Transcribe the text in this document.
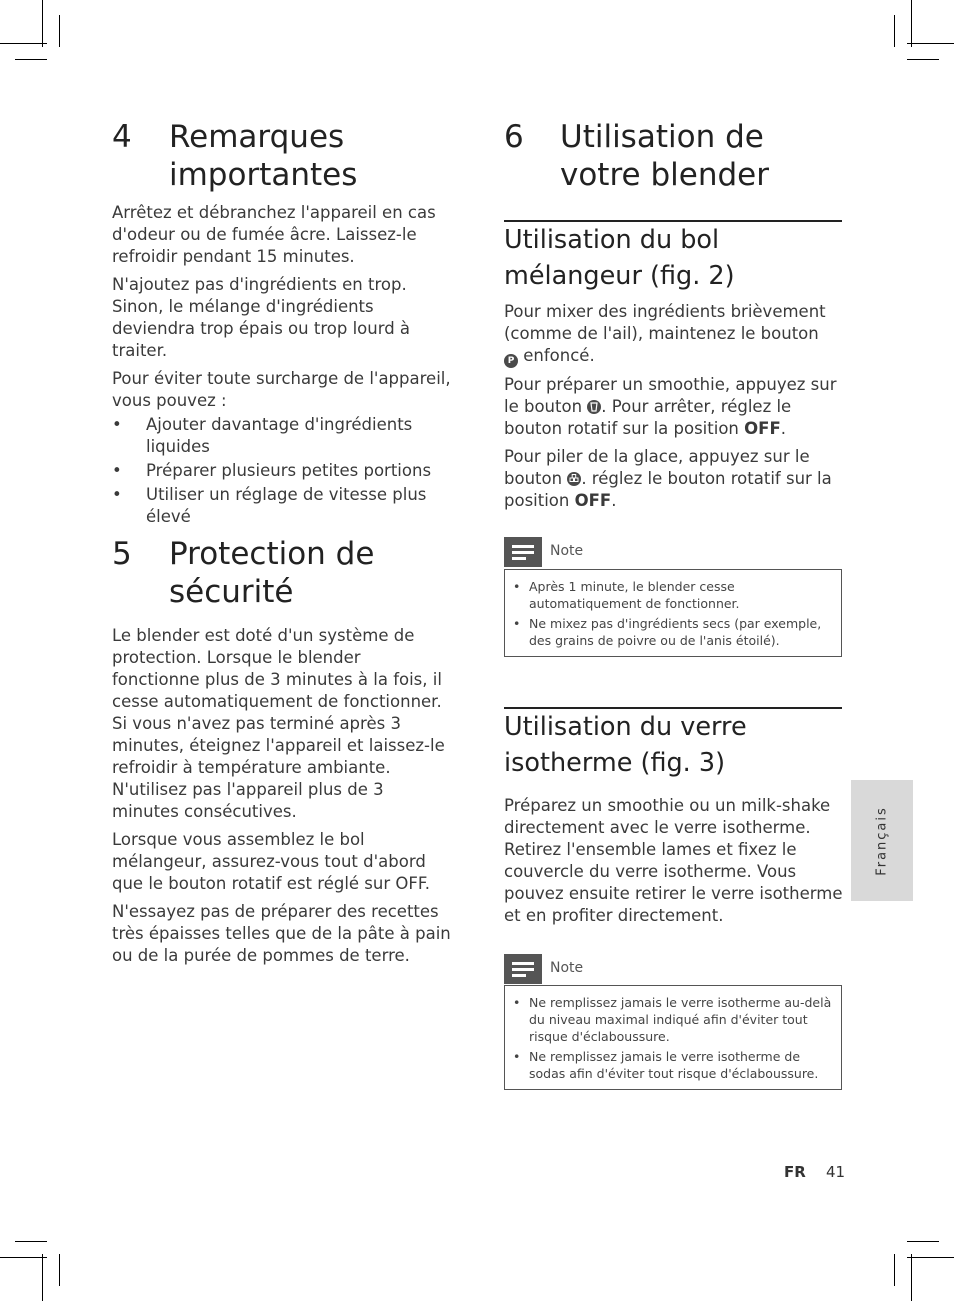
4 Remarques
importantes

Arrêtez et débranchez l'appareil en cas d'odeur ou de fumée âcre. Laissez-le refroidir pendant 15 minutes.

N'ajoutez pas d'ingrédients en trop. Sinon, le mélange d'ingrédients deviendra trop épais ou trop lourd à traiter.

Pour éviter toute surcharge de l'appareil, vous pouvez :

• Ajouter davantage d'ingrédients liquides
• Préparer plusieurs petites portions
• Utiliser un réglage de vitesse plus élevé
5 Protection de
sécurité

Le blender est doté d'un système de protection. Lorsque le blender fonctionne plus de 3 minutes à la fois, il cesse automatiquement de fonctionner. Si vous n'avez pas terminé après 3 minutes, éteignez l'appareil et laissez-le refroidir à température ambiante. N'utilisez pas l'appareil plus de 3 minutes consécutives.

Lorsque vous assemblez le bol mélangeur, assurez-vous tout d'abord que le bouton rotatif est réglé sur OFF.

N'essayez pas de préparer des recettes très épaisses telles que de la pâte à pain ou de la purée de pommes de terre.

6 Utilisation de
votre blender
Utilisation du bol
mélangeur (fig. 2)

Pour mixer des ingrédients brièvement (comme de l'ail), maintenez le bouton
P enfoncé.

Pour préparer un smoothie, appuyez sur le bouton . Pour arrêter, réglez le bouton rotatif sur la position OFF.

Pour piler de la glace, appuyez sur le bouton . réglez le bouton rotatif sur la position OFF.

Note
• Après 1 minute, le blender cesse automatiquement de fonctionner.
• Ne mixez pas d'ingrédients secs (par exemple, des grains de poivre ou de l'anis étoilé).
Utilisation du verre
isotherme (fig. 3)

Préparez un smoothie ou un milk-shake directement avec le verre isotherme. Retirez l'ensemble lames et fixez le couvercle du verre isotherme. Vous pouvez ensuite retirer le verre isotherme et en profiter directement.

Note
• Ne remplissez jamais le verre isotherme au-delà du niveau maximal indiqué afin d'éviter tout risque d'éclaboussure.
• Ne remplissez jamais le verre isotherme de sodas afin d'éviter tout risque d'éclaboussure.
Français
FR 41
